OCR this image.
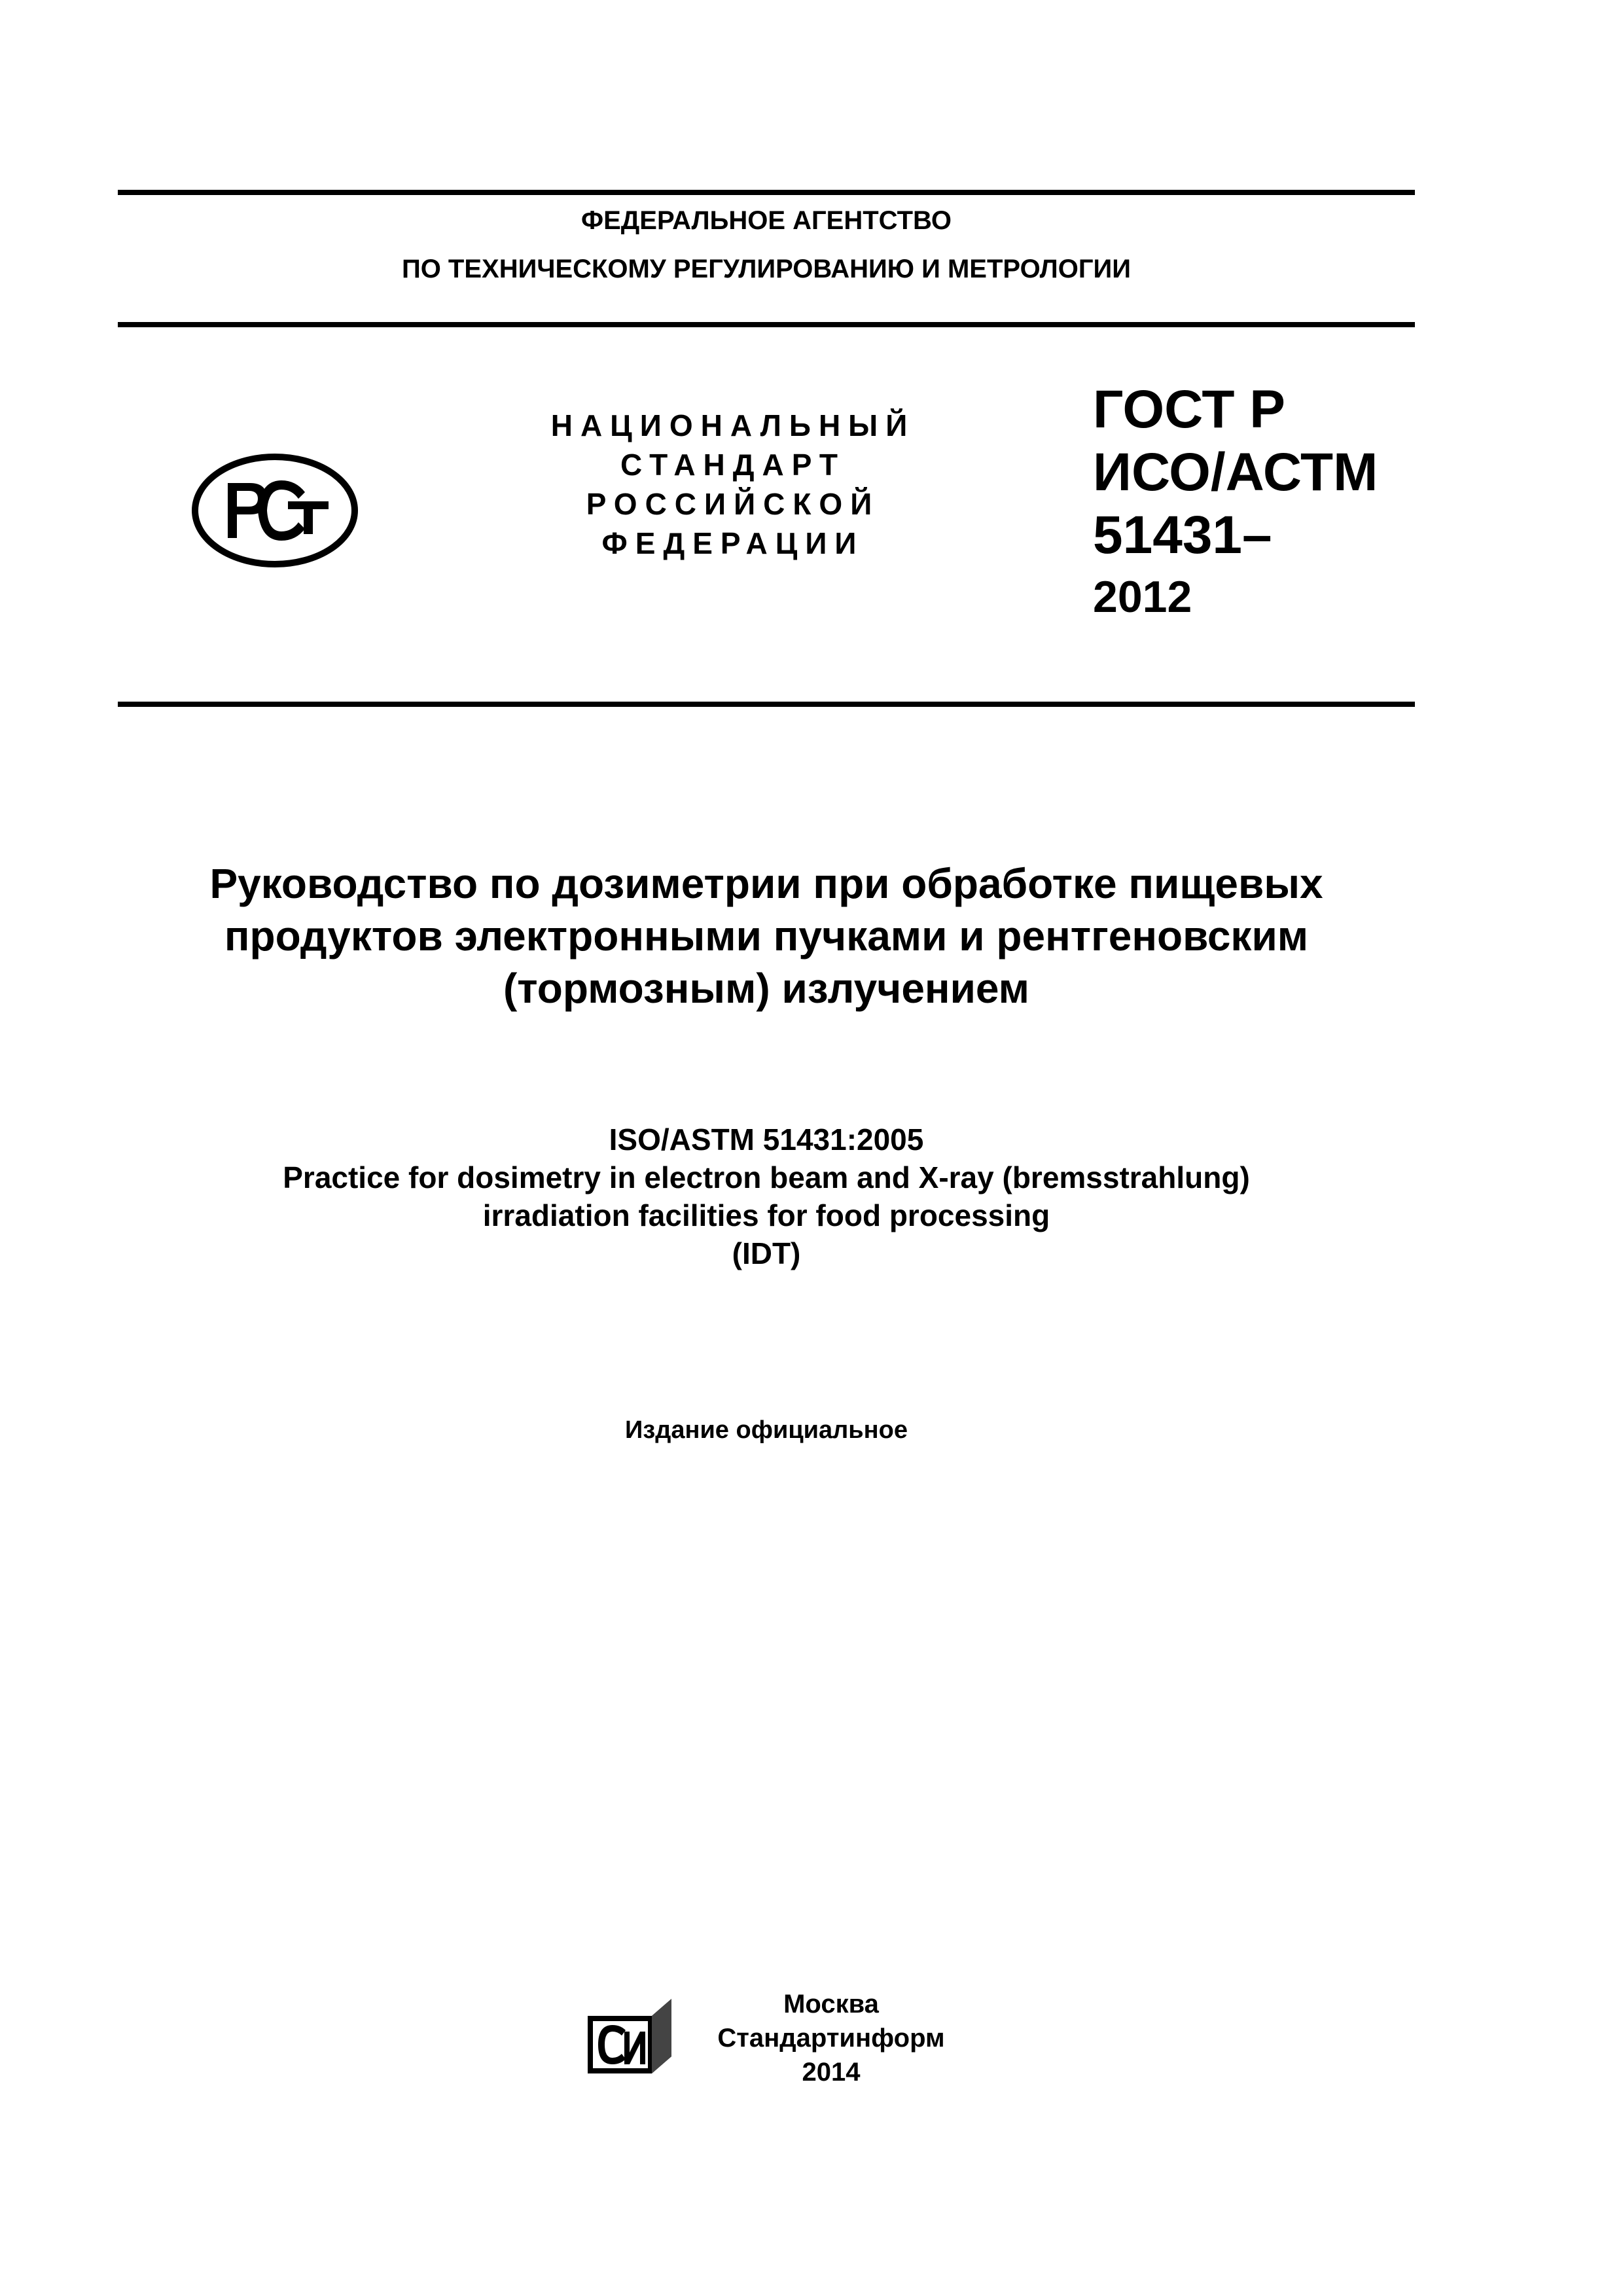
ФЕДЕРАЛЬНОЕ АГЕНТСТВО
ПО ТЕХНИЧЕСКОМУ РЕГУЛИРОВАНИЮ И МЕТРОЛОГИИ
НАЦИОНАЛЬНЫЙ
СТАНДАРТ
РОССИЙСКОЙ
ФЕДЕРАЦИИ
ГОСТ Р
ИСО/АСТМ
51431–
2012
Руководство по дозиметрии при обработке пищевых
продуктов электронными пучками и рентгеновским
(тормозным) излучением
ISO/ASTM 51431:2005
Practice for dosimetry in electron beam and X-ray (bremsstrahlung)
irradiation facilities for food processing
(IDT)
Издание официальное
Москва
Стандартинформ
2014
